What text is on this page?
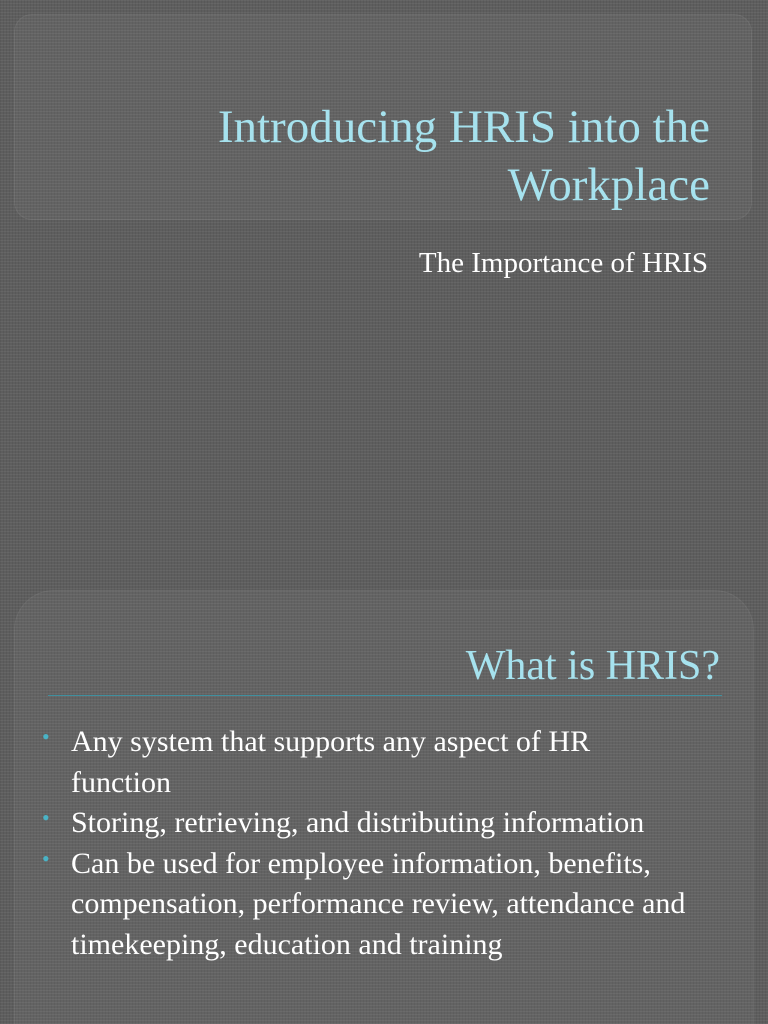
Introducing HRIS into the Workplace

The Importance of HRIS

What is HRIS?
• Any system that supports any aspect of HR function
• Storing, retrieving, and distributing information
• Can be used for employee information, benefits, compensation, performance review, attendance and timekeeping, education and training
